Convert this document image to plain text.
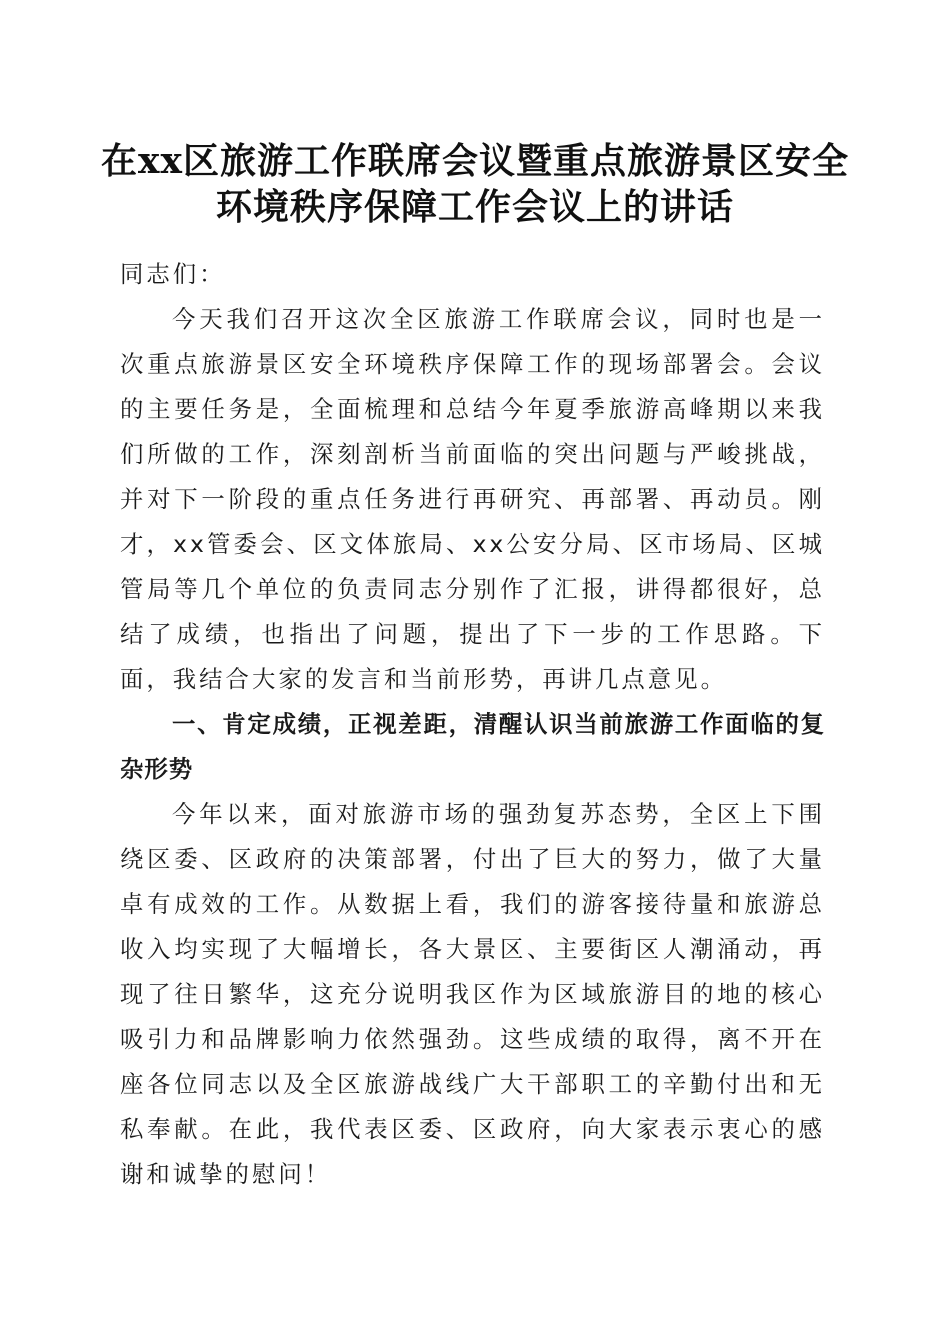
在xx区旅游工作联席会议暨重点旅游景区安全环境秩序保障工作会议上的讲话

同志们：

今天我们召开这次全区旅游工作联席会议，同时也是一次重点旅游景区安全环境秩序保障工作的现场部署会。会议的主要任务是，全面梳理和总结今年夏季旅游高峰期以来我们所做的工作，深刻剖析当前面临的突出问题与严峻挑战，并对下一阶段的重点任务进行再研究、再部署、再动员。刚才，xx管委会、区文体旅局、xx公安分局、区市场局、区城管局等几个单位的负责同志分别作了汇报，讲得都很好，总结了成绩，也指出了问题，提出了下一步的工作思路。下面，我结合大家的发言和当前形势，再讲几点意见。

一、肯定成绩，正视差距，清醒认识当前旅游工作面临的复杂形势

今年以来，面对旅游市场的强劲复苏态势，全区上下围绕区委、区政府的决策部署，付出了巨大的努力，做了大量卓有成效的工作。从数据上看，我们的游客接待量和旅游总收入均实现了大幅增长，各大景区、主要街区人潮涌动，再现了往日繁华，这充分说明我区作为区域旅游目的地的核心吸引力和品牌影响力依然强劲。这些成绩的取得，离不开在座各位同志以及全区旅游战线广大干部职工的辛勤付出和无私奉献。在此，我代表区委、区政府，向大家表示衷心的感谢和诚挚的慰问！
